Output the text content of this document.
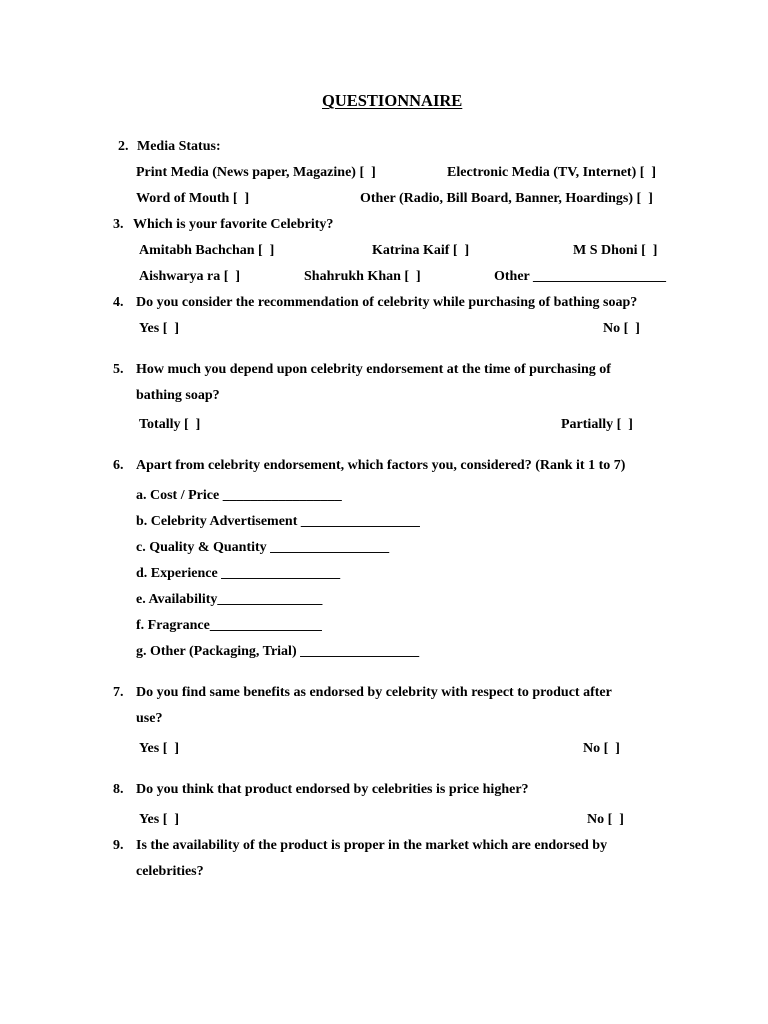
QUESTIONNAIRE
2. Media Status:
Print Media (News paper, Magazine) [  ]	Electronic Media (TV, Internet) [  ]
Word of Mouth [  ]	Other (Radio, Bill Board, Banner, Hoardings) [  ]
3. Which is your favorite Celebrity?
Amitabh Bachchan [  ]	Katrina Kaif [  ]	M S Dhoni [  ]
Aishwarya ra [  ]	Shahrukh Khan [  ]	Other ___________________
4. Do you consider the recommendation of celebrity while purchasing of bathing soap?
Yes [  ]	No [  ]
5. How much you depend upon celebrity endorsement at the time of purchasing of
bathing soap?
Totally [  ]	Partially [  ]
6. Apart from celebrity endorsement, which factors you, considered? (Rank it 1 to 7)
a. Cost / Price _________________
b. Celebrity Advertisement _________________
c. Quality & Quantity _________________
d. Experience _________________
e. Availability_______________
f. Fragrance________________
g. Other (Packaging, Trial) _________________
7. Do you find same benefits as endorsed by celebrity with respect to product after
use?
Yes [  ]	No [  ]
8. Do you think that product endorsed by celebrities is price higher?
Yes [  ]	No [  ]
9. Is the availability of the product is proper in the market which are endorsed by
celebrities?
